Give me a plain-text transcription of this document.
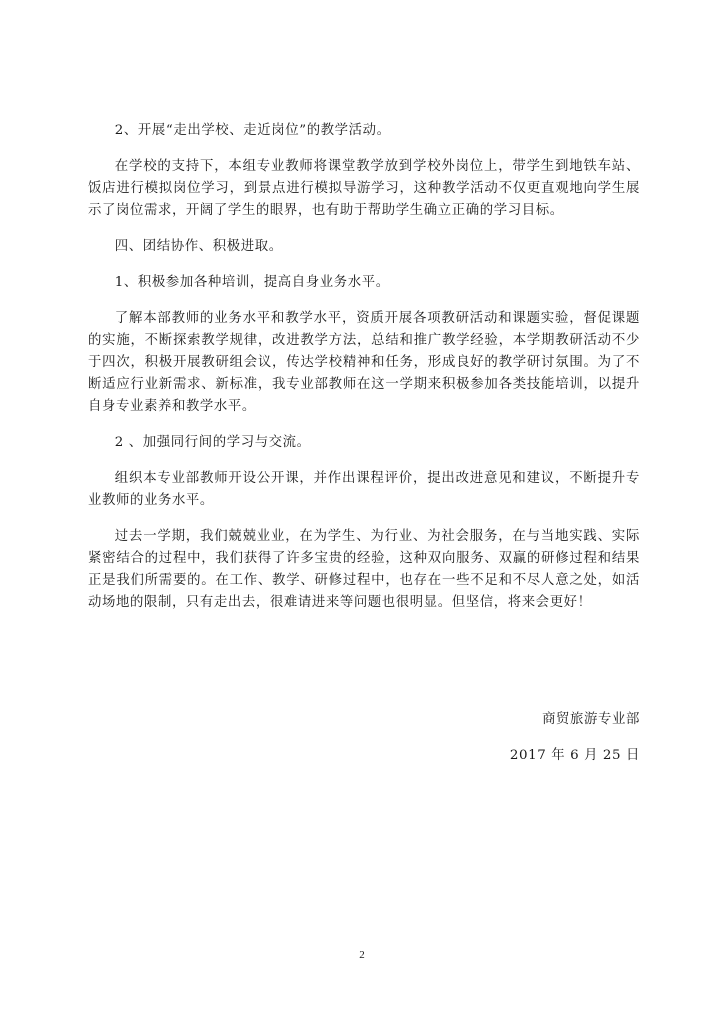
2、开展“走出学校、走近岗位”的教学活动。

在学校的支持下，本组专业教师将课堂教学放到学校外岗位上，带学生到地铁车站、饭店进行模拟岗位学习，到景点进行模拟导游学习，这种教学活动不仅更直观地向学生展示了岗位需求，开阔了学生的眼界，也有助于帮助学生确立正确的学习目标。

四、团结协作、积极进取。

1、积极参加各种培训，提高自身业务水平。

了解本部教师的业务水平和教学水平，资质开展各项教研活动和课题实验，督促课题的实施，不断探索教学规律，改进教学方法，总结和推广教学经验，本学期教研活动不少于四次，积极开展教研组会议，传达学校精神和任务，形成良好的教学研讨氛围。为了不断适应行业新需求、新标准，我专业部教师在这一学期来积极参加各类技能培训，以提升自身专业素养和教学水平。

2 、加强同行间的学习与交流。

组织本专业部教师开设公开课，并作出课程评价，提出改进意见和建议，不断提升专业教师的业务水平。

过去一学期，我们兢兢业业，在为学生、为行业、为社会服务，在与当地实践、实际紧密结合的过程中，我们获得了许多宝贵的经验，这种双向服务、双赢的研修过程和结果正是我们所需要的。在工作、教学、研修过程中，也存在一些不足和不尽人意之处，如活动场地的限制，只有走出去，很难请进来等问题也很明显。但坚信，将来会更好！

商贸旅游专业部
2017 年 6 月 25 日
2
